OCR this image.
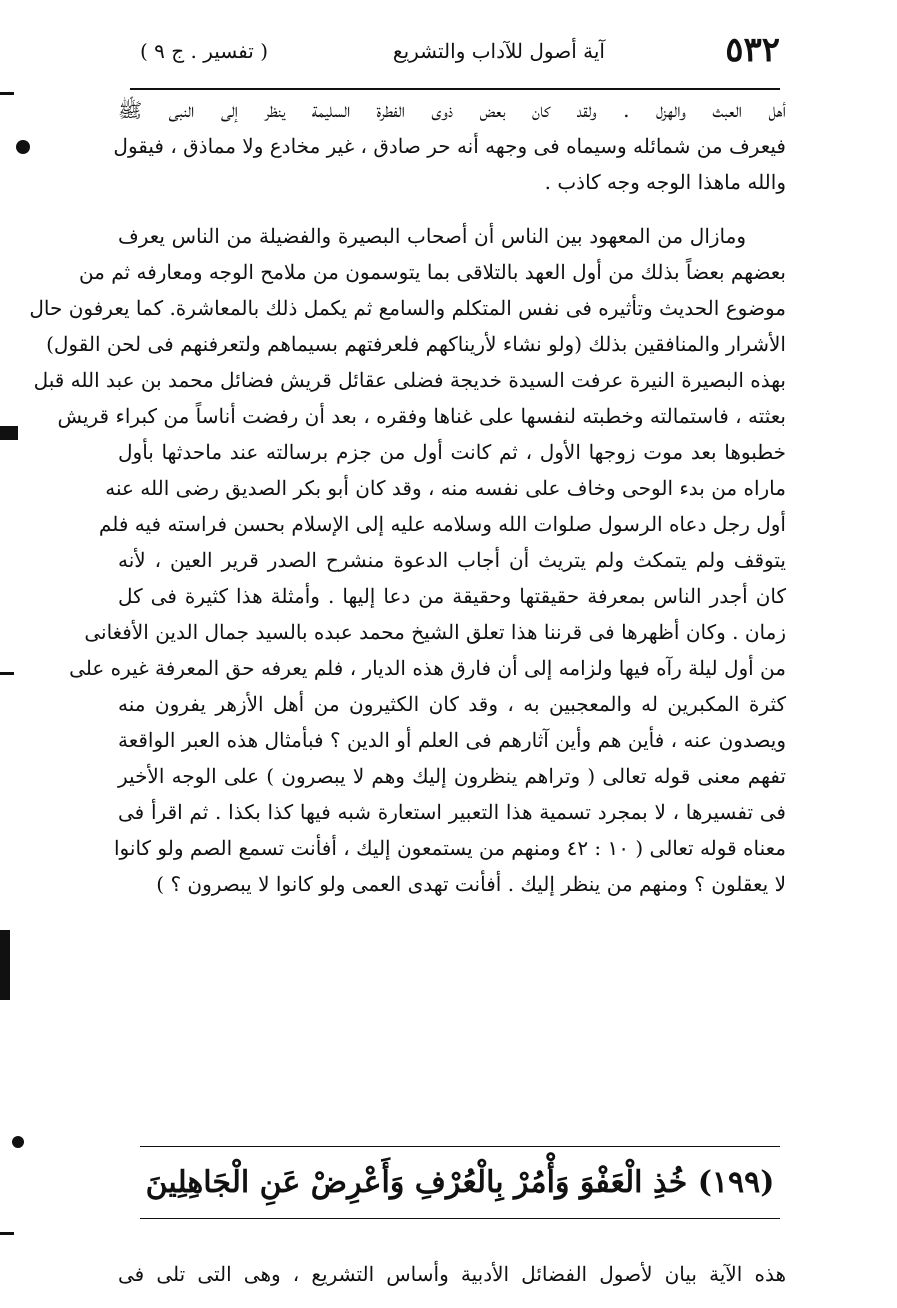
٥٣٢
آية أصول للآداب والتشريع
( تفسير . ج ٩ )
أهل العبث والهزل . ولقد كان بعض ذوى الفطرة السليمة ينظر إلى النبى ﷺ
فيعرف من شمائله وسيماه فى وجهه أنه حر صادق ، غير مخادع ولا مماذق ، فيقول
والله ماهذا الوجه وجه كاذب .
ومازال من المعهود بين الناس أن أصحاب البصيرة والفضيلة من الناس يعرف
بعضهم بعضاً بذلك من أول العهد بالتلاقى بما يتوسمون من ملامح الوجه ومعارفه ثم من
موضوع الحديث وتأثيره فى نفس المتكلم والسامع ثم يكمل ذلك بالمعاشرة. كما يعرفون حال
الأشرار والمنافقين بذلك (ولو نشاء لأريناكهم فلعرفتهم بسيماهم ولتعرفنهم فى لحن القول)
بهذه البصيرة النيرة عرفت السيدة خديجة فضلى عقائل قريش فضائل محمد بن عبد الله قبل
بعثته ، فاستمالته وخطبته لنفسها على غناها وفقره ، بعد أن رفضت أناساً من كبراء قريش
خطبوها بعد موت زوجها الأول ، ثم كانت أول من جزم برسالته عند ماحدثها بأول
ماراه من بدء الوحى وخاف على نفسه منه ، وقد كان أبو بكر الصديق رضى الله عنه
أول رجل دعاه الرسول صلوات الله وسلامه عليه إلى الإسلام بحسن فراسته فيه فلم
يتوقف ولم يتمكث ولم يتريث أن أجاب الدعوة منشرح الصدر قرير العين ، لأنه
كان أجدر الناس بمعرفة حقيقتها وحقيقة من دعا إليها . وأمثلة هذا كثيرة فى كل
زمان . وكان أظهرها فى قرننا هذا تعلق الشيخ محمد عبده بالسيد جمال الدين الأفغانى
من أول ليلة رآه فيها ولزامه إلى أن فارق هذه الديار ، فلم يعرفه حق المعرفة غيره على
كثرة المكبرين له والمعجبين به ، وقد كان الكثيرون من أهل الأزهر يفرون منه
ويصدون عنه ، فأين هم وأين آثارهم فى العلم أو الدين ؟ فبأمثال هذه العبر الواقعة
تفهم معنى قوله تعالى ( وتراهم ينظرون إليك وهم لا يبصرون ) على الوجه الأخير
فى تفسيرها ، لا بمجرد تسمية هذا التعبير استعارة شبه فيها كذا بكذا . ثم اقرأ فى
معناه قوله تعالى ( ١٠ : ٤٢ ومنهم من يستمعون إليك ، أفأنت تسمع الصم ولو كانوا
لا يعقلون ؟ ومنهم من ينظر إليك . أفأنت تهدى العمى ولو كانوا لا يبصرون ؟ )
(١٩٩) خُذِ الْعَفْوَ وَأْمُرْ بِالْعُرْفِ وَأَعْرِضْ عَنِ الْجَاهِلِينَ
هذه الآية بيان لأصول الفضائل الأدبية وأساس التشريع ، وهى التى تلى فى
